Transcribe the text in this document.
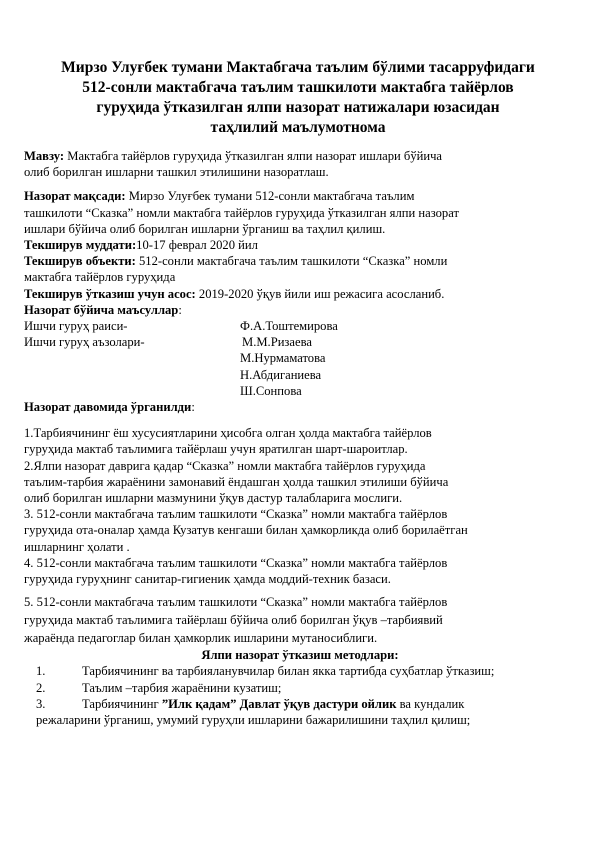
Мирзо Улуғбек тумани Мактабгача таълим бўлими тасарруфидаги
512-сонли мактабгача таълим ташкилоти мактабга тайёрлов
гуруҳида ўтказилган ялпи назорат натижалари юзасидан
таҳлилий маълумотнома

Мавзу: Мактабга тайёрлов гуруҳида ўтказилган ялпи назорат ишлари бўйича

олиб борилган ишларни ташкил этилишини назоратлаш.

Назорат мақсади: Мирзо Улуғбек тумани 512-сонли мактабгача таълим

ташкилоти “Сказка” номли мактабга тайёрлов гуруҳида ўтказилган ялпи назорат

ишлари бўйича олиб борилган ишларни ўрганиш ва таҳлил қилиш.

Текширув муддати:10-17 феврал 2020 йил

Текширув объекти: 512-сонли мактабгача таълим ташкилоти “Сказка” номли

мактабга тайёрлов гуруҳида

Текширув ўтказиш учун асос: 2019-2020 ўқув йили иш режасига асосланиб.

Назорат бўйича маъсуллар:

Ишчи гуруҳ раиси-	Ф.А.Тоштемирова

Ишчи гуруҳ аъзолари-	М.М.Ризаева

М.Нурмаматова

Н.Абдиганиева

Ш.Сонпова

Назорат давомида ўрганилди:

1.Тарбиячининг ёш хусусиятларини ҳисобга олган ҳолда мактабга тайёрлов

гуруҳида мактаб таълимига тайёрлаш учун яратилган шарт-шароитлар.

2.Ялпи назорат даврига қадар “Сказка” номли мактабга тайёрлов гуруҳида

таълим-тарбия жараёнини замонавий ёндашган ҳолда ташкил этилиши бўйича

олиб борилган ишларни мазмунини ўқув дастур талабларига мослиги.

3. 512-сонли мактабгача таълим ташкилоти “Сказка” номли мактабга тайёрлов

гуруҳида ота-оналар ҳамда Кузатув кенгаши билан ҳамкорликда олиб борилаётган

ишларнинг ҳолати .

4. 512-сонли мактабгача таълим ташкилоти “Сказка” номли мактабга тайёрлов

гуруҳида гуруҳнинг санитар-гигиеник ҳамда моддий-техник базаси.

5. 512-сонли мактабгача таълим ташкилоти “Сказка” номли мактабга тайёрлов

гуруҳида мактаб таълимига тайёрлаш бўйича олиб борилган ўқув –тарбиявий

жараёнда педагоглар билан ҳамкорлик ишларини мутаносиблиги.

Ялпи назорат ўтказиш методлари:

1.	Тарбиячининг ва тарбияланувчилар билан якка тартибда суҳбатлар ўтказиш;

2.	Таълим –тарбия жараёнини кузатиш;

3.	Тарбиячининг ”Илк қадам” Давлат ўқув дастури ойлик ва кундалик

режаларини ўрганиш, умумий гуруҳли ишларини бажарилишини таҳлил қилиш;
